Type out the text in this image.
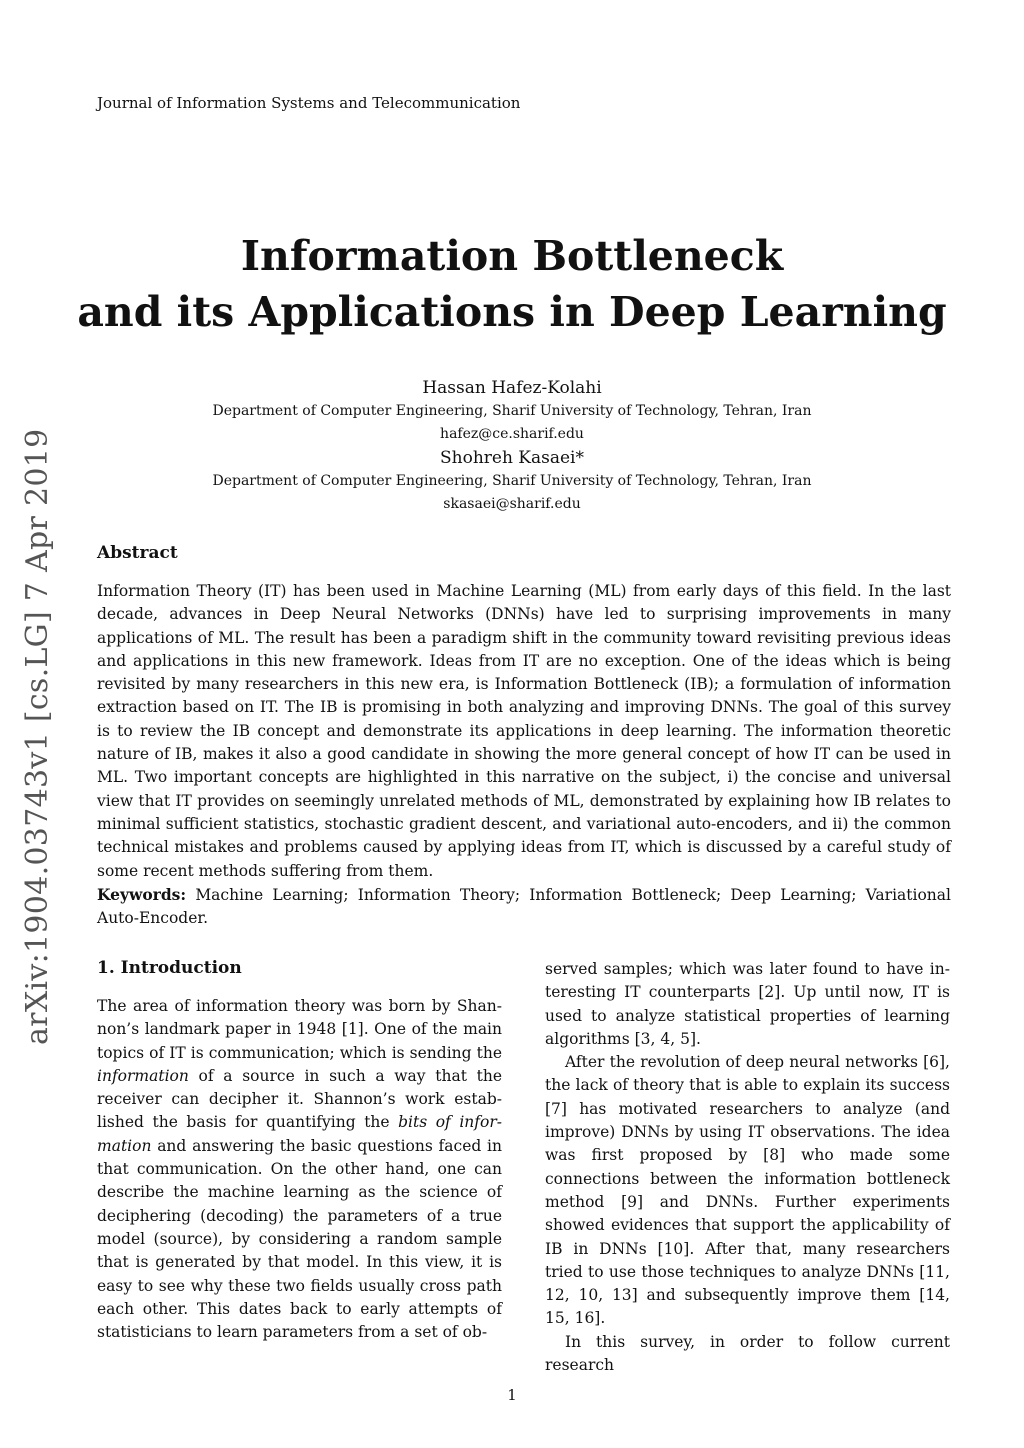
Journal of Information Systems and Telecommunication
Information Bottleneck
and its Applications in Deep Learning
Hassan Hafez-Kolahi
Department of Computer Engineering, Sharif University of Technology, Tehran, Iran
hafez@ce.sharif.edu
Shohreh Kasaei*
Department of Computer Engineering, Sharif University of Technology, Tehran, Iran
skasaei@sharif.edu
arXiv:1904.03743v1 [cs.LG] 7 Apr 2019 Abstract
Information Theory (IT) has been used in Machine Learning (ML) from early days of this field. In the last decade, advances in Deep Neural Networks (DNNs) have led to surprising improvements in many applications of ML. The result has been a paradigm shift in the community toward revisiting previous ideas and applications in this new framework. Ideas from IT are no exception. One of the ideas which is being revisited by many researchers in this new era, is Information Bottleneck (IB); a formulation of information extraction based on IT. The IB is promising in both analyzing and improving DNNs. The goal of this survey is to review the IB concept and demonstrate its applications in deep learning. The information theoretic nature of IB, makes it also a good candidate in showing the more general concept of how IT can be used in ML. Two important concepts are highlighted in this narrative on the subject, i) the concise and universal view that IT provides on seemingly unrelated methods of ML, demonstrated by explaining how IB relates to minimal sufficient statistics, stochastic gradient descent, and variational auto-encoders, and ii) the common technical mistakes and problems caused by applying ideas from IT, which is discussed by a careful study of some recent methods suffering from them.
Keywords: Machine Learning; Information Theory; Information Bottleneck; Deep Learning; Variational Auto-Encoder.
1. Introduction

The area of information theory was born by Shannon’s landmark paper in 1948 [1]. One of the main topics of IT is communication; which is sending the information of a source in such a way that the receiver can decipher it. Shannon’s work established the basis for quantifying the bits of information and answering the basic questions faced in that communication. On the other hand, one can describe the machine learning as the science of deciphering (decoding) the parameters of a true model (source), by considering a random sample that is generated by that model. In this view, it is easy to see why these two fields usually cross path each other. This dates back to early attempts of statisticians to learn parameters from a set of ob-

served samples; which was later found to have interesting IT counterparts [2]. Up until now, IT is used to analyze statistical properties of learning algorithms [3, 4, 5].

After the revolution of deep neural networks [6], the lack of theory that is able to explain its success [7] has motivated researchers to analyze (and improve) DNNs by using IT observations. The idea was first proposed by [8] who made some connections between the information bottleneck method [9] and DNNs. Further experiments showed evidences that support the applicability of IB in DNNs [10]. After that, many researchers tried to use those techniques to analyze DNNs [11, 12, 10, 13] and subsequently improve them [14, 15, 16].

In this survey, in order to follow current research

1
